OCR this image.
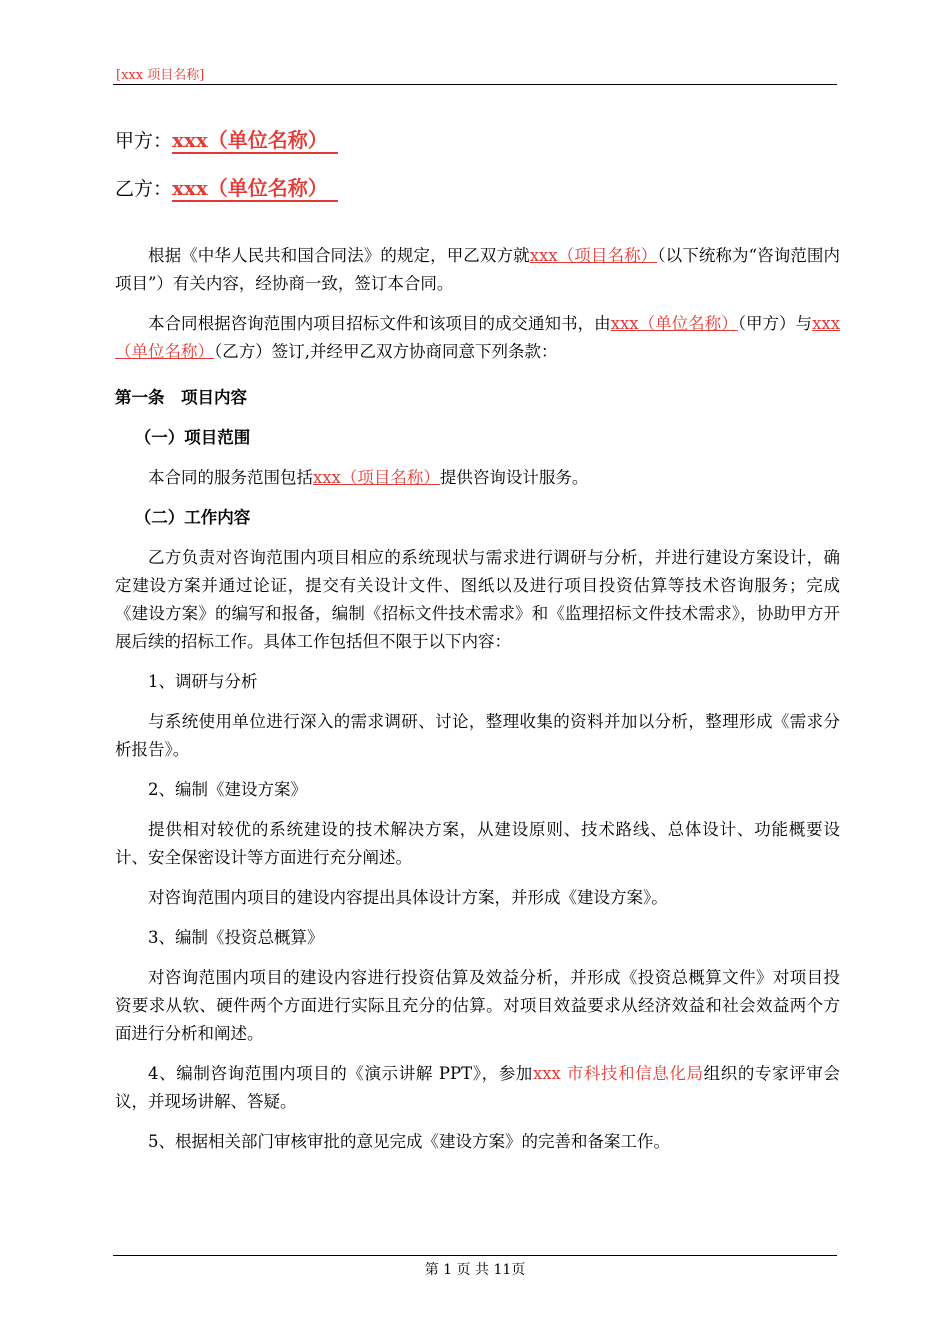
[xxx 项目名称]
甲方：xxx（单位名称）
乙方：xxx（单位名称）

根据《中华人民共和国合同法》的规定，甲乙双方就xxx（项目名称）（以下统称为“咨询范围内项目”）有关内容，经协商一致，签订本合同。

本合同根据咨询范围内项目招标文件和该项目的成交通知书，由xxx（单位名称）（甲方）与xxx（单位名称）（乙方）签订,并经甲乙双方协商同意下列条款：

第一条　项目内容

（一）项目范围

本合同的服务范围包括xxx（项目名称）提供咨询设计服务。

（二）工作内容

乙方负责对咨询范围内项目相应的系统现状与需求进行调研与分析，并进行建设方案设计，确定建设方案并通过论证，提交有关设计文件、图纸以及进行项目投资估算等技术咨询服务；完成《建设方案》的编写和报备，编制《招标文件技术需求》和《监理招标文件技术需求》，协助甲方开展后续的招标工作。具体工作包括但不限于以下内容：

1、调研与分析

与系统使用单位进行深入的需求调研、讨论，整理收集的资料并加以分析，整理形成《需求分析报告》。

2、编制《建设方案》

提供相对较优的系统建设的技术解决方案，从建设原则、技术路线、总体设计、功能概要设计、安全保密设计等方面进行充分阐述。

对咨询范围内项目的建设内容提出具体设计方案，并形成《建设方案》。

3、编制《投资总概算》

对咨询范围内项目的建设内容进行投资估算及效益分析，并形成《投资总概算文件》对项目投资要求从软、硬件两个方面进行实际且充分的估算。对项目效益要求从经济效益和社会效益两个方面进行分析和阐述。

4、编制咨询范围内项目的《演示讲解 PPT》，参加xxx 市科技和信息化局组织的专家评审会议，并现场讲解、答疑。

5、根据相关部门审核审批的意见完成《建设方案》的完善和备案工作。

第 1 页 共 11页
